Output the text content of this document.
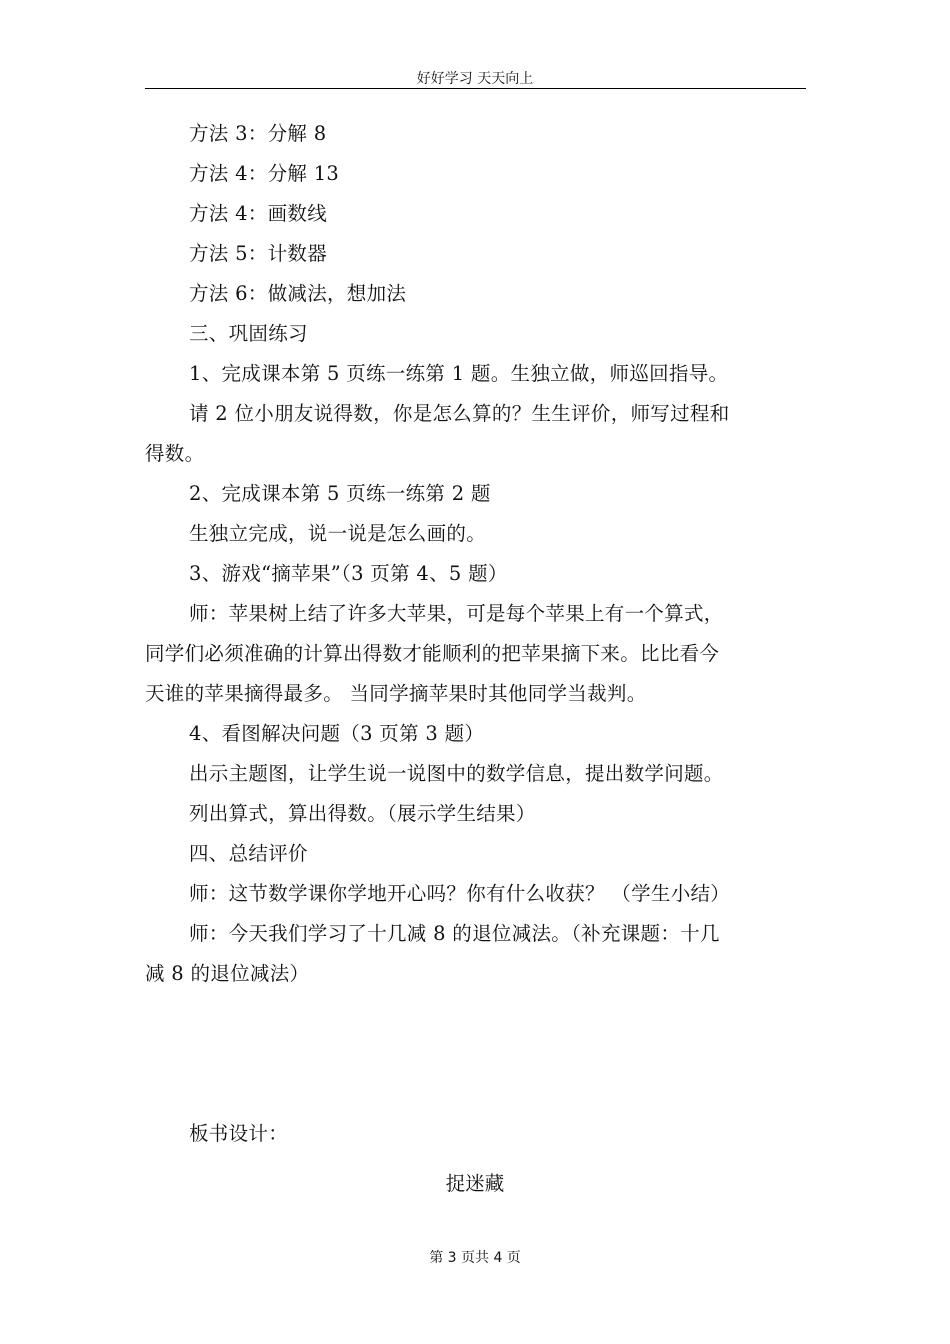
好好学习 天天向上
方法 3：分解 8
方法 4：分解 13
方法 4：画数线
方法 5：计数器
方法 6：做减法，想加法
三、巩固练习
1、完成课本第 5 页练一练第 1 题。生独立做，师巡回指导。
请 2 位小朋友说得数，你是怎么算的？生生评价，师写过程和
得数。
2、完成课本第 5 页练一练第 2 题
生独立完成，说一说是怎么画的。
3、游戏“摘苹果”（3 页第 4、5 题）
师：苹果树上结了许多大苹果，可是每个苹果上有一个算式，
同学们必须准确的计算出得数才能顺利的把苹果摘下来。比比看今
天谁的苹果摘得最多。 当同学摘苹果时其他同学当裁判。
4、看图解决问题（3 页第 3 题）
出示主题图，让学生说一说图中的数学信息，提出数学问题。
列出算式，算出得数。（展示学生结果）
四、总结评价
师：这节数学课你学地开心吗？你有什么收获？ （学生小结）
师：今天我们学习了十几减 8 的退位减法。（补充课题：十几
减 8 的退位减法）
板书设计：
捉迷藏
第 3 页共 4 页
